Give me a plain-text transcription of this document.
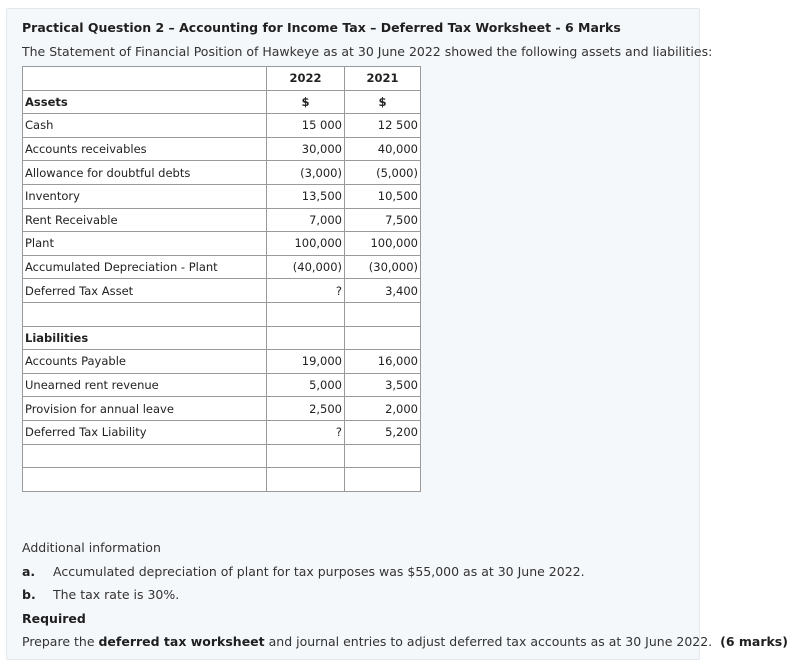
Practical Question 2 – Accounting for Income Tax – Deferred Tax Worksheet - 6 Marks
The Statement of Financial Position of Hawkeye as at 30 June 2022 showed the following assets and liabilities:
	2022	2021
Assets	$	$
Cash	15 000	12 500
Accounts receivables	30,000	40,000
Allowance for doubtful debts	(3,000)	(5,000)
Inventory	13,500	10,500
Rent Receivable	7,000	7,500
Plant	100,000	100,000
Accumulated Depreciation - Plant	(40,000)	(30,000)
Deferred Tax Asset	?	3,400

Liabilities		
Accounts Payable	19,000	16,000
Unearned rent revenue	5,000	3,500
Provision for annual leave	2,500	2,000
Deferred Tax Liability	?	5,200

Additional information
a. Accumulated depreciation of plant for tax purposes was $55,000 as at 30 June 2022.
b. The tax rate is 30%.
Required
Prepare the deferred tax worksheet and journal entries to adjust deferred tax accounts as at 30 June 2022. (6 marks)
